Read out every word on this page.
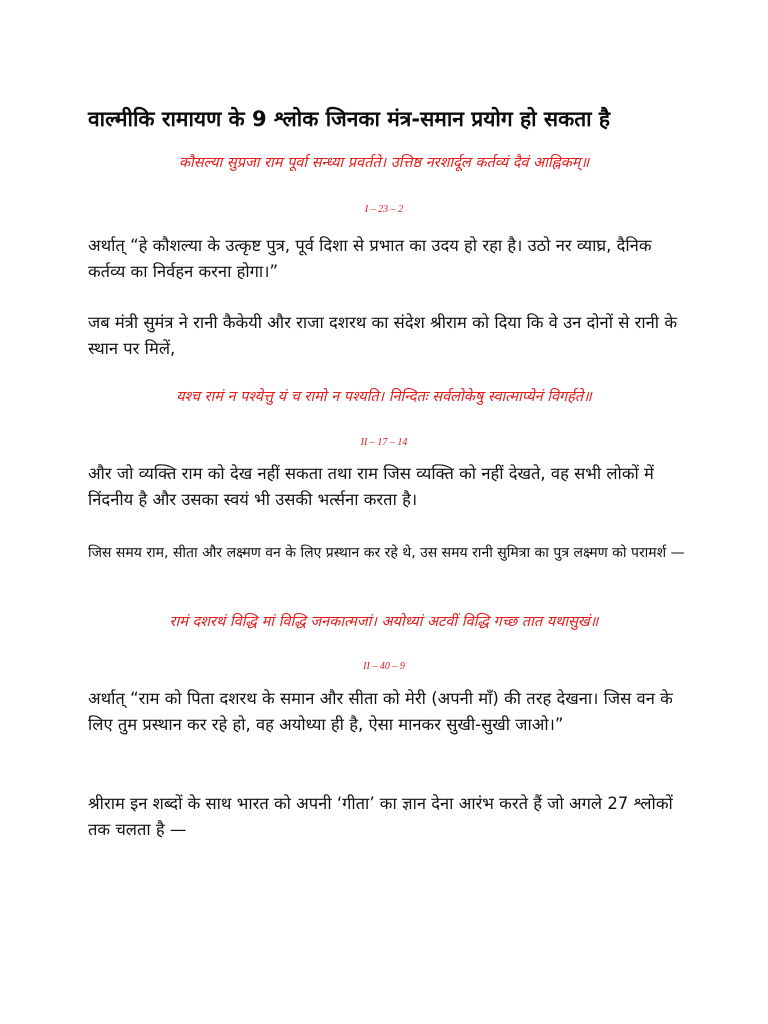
वाल्मीकि रामायण के 9 श्लोक जिनका मंत्र-समान प्रयोग हो सकता है
कौसल्या सुप्रजा राम पूर्वा सन्ध्या प्रवर्तते। उत्तिष्ठ नरशार्दूल कर्तव्यं दैवं आह्निकम्॥
I – 23 – 2
अर्थात् “हे कौशल्या के उत्कृष्ट पुत्र, पूर्व दिशा से प्रभात का उदय हो रहा है। उठो नर व्याघ्र, दैनिक कर्तव्य का निर्वहन करना होगा।”
जब मंत्री सुमंत्र ने रानी कैकेयी और राजा दशरथ का संदेश श्रीराम को दिया कि वे उन दोनों से रानी के स्थान पर मिलें,
यश्च रामं न पश्येत्तु यं च रामो न पश्यति। निन्दितः सर्वलोकेषु स्वात्माप्येनं विगर्हते॥
II – 17 – 14
और जो व्यक्ति राम को देख नहीं सकता तथा राम जिस व्यक्ति को नहीं देखते, वह सभी लोकों में निंदनीय है और उसका स्वयं भी उसकी भर्त्सना करता है।
जिस समय राम, सीता और लक्ष्मण वन के लिए प्रस्थान कर रहे थे, उस समय रानी सुमित्रा का पुत्र लक्ष्मण को परामर्श —
रामं दशरथं विद्धि मां विद्धि जनकात्मजां। अयोध्यां अटवीं विद्धि गच्छ तात यथासुखं॥
II – 40 – 9
अर्थात् “राम को पिता दशरथ के समान और सीता को मेरी (अपनी माँ) की तरह देखना। जिस वन के लिए तुम प्रस्थान कर रहे हो, वह अयोध्या ही है, ऐसा मानकर सुखी-सुखी जाओ।”
श्रीराम इन शब्दों के साथ भारत को अपनी ‘गीता’ का ज्ञान देना आरंभ करते हैं जो अगले 27 श्लोकों तक चलता है —
